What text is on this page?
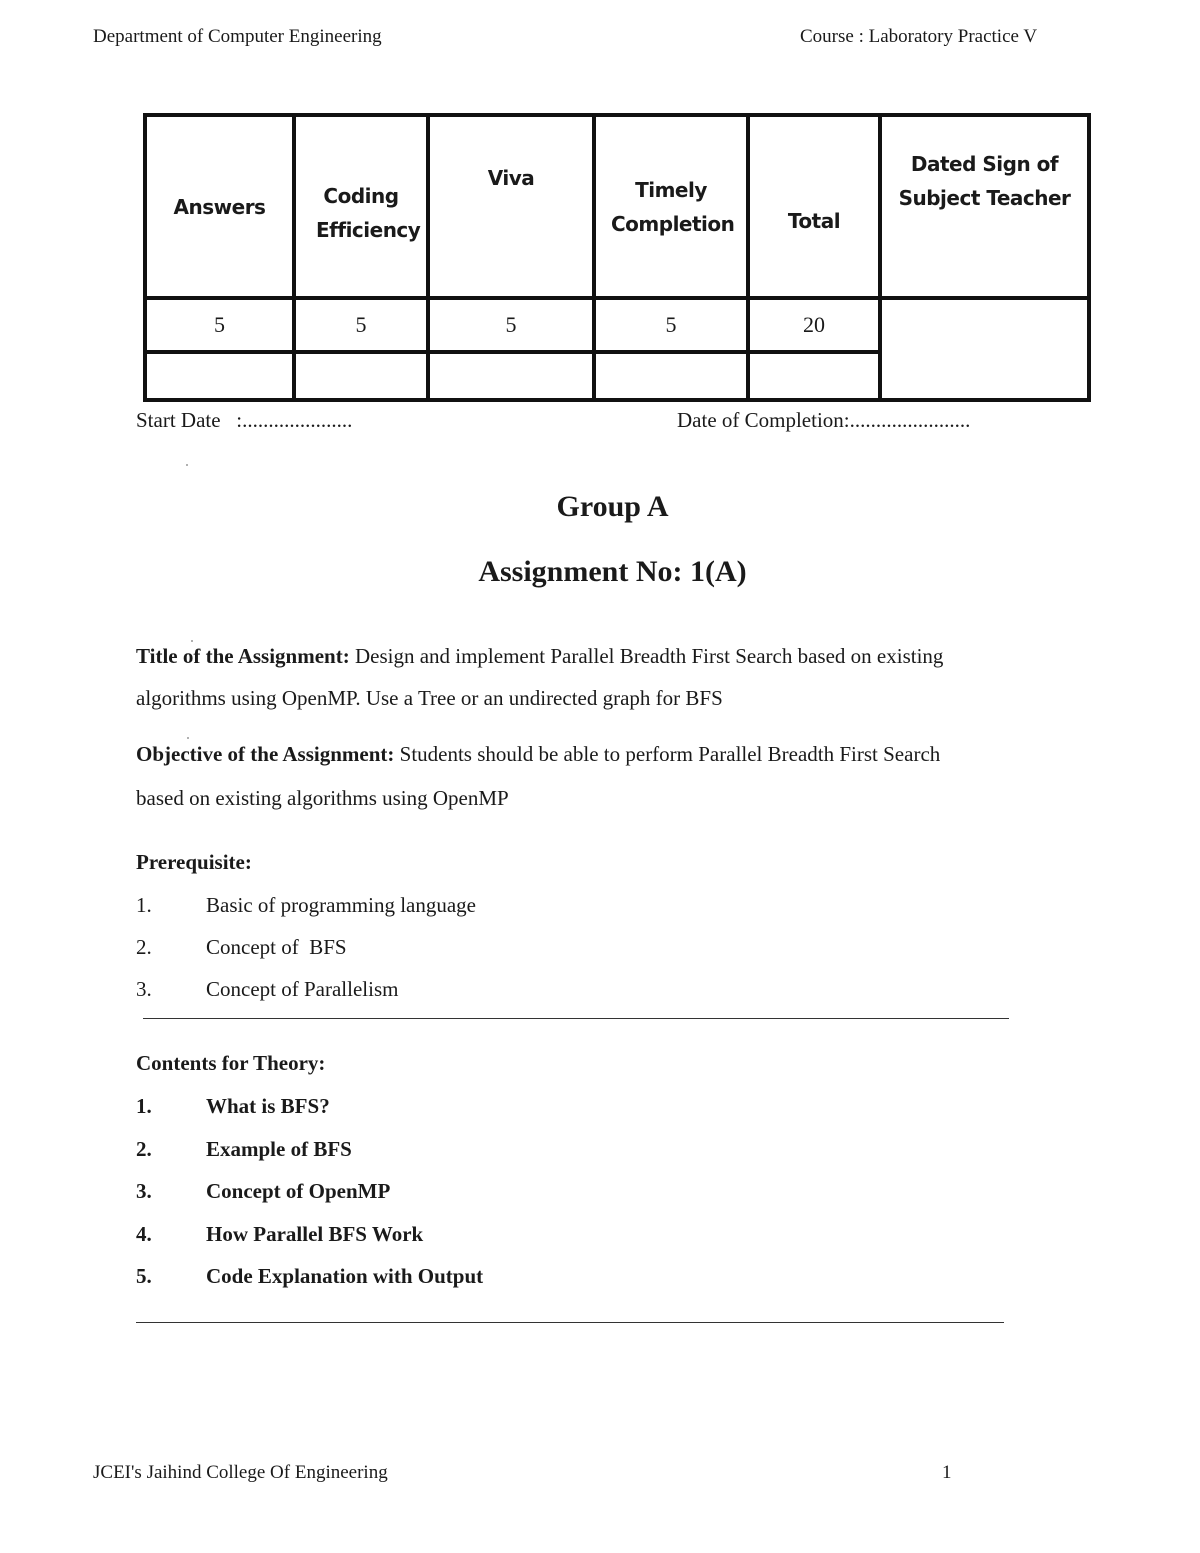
Department of Computer Engineering	Course : Laboratory Practice V
Answers	Coding Efficiency	Viva	Timely Completion	Total	Dated Sign of Subject Teacher
5	5	5	5	20	

Start Date   :.....................	Date of Completion:.......................
Group A
Assignment No: 1(A)
Title of the Assignment: Design and implement Parallel Breadth First Search based on existing
algorithms using OpenMP. Use a Tree or an undirected graph for BFS
Objective of the Assignment: Students should be able to perform Parallel Breadth First Search
based on existing algorithms using OpenMP
Prerequisite:
1.	Basic of programming language
2.	Concept of  BFS
3.	Concept of Parallelism
Contents for Theory:
1.	What is BFS?
2.	Example of BFS
3.	Concept of OpenMP
4.	How Parallel BFS Work
5.	Code Explanation with Output
JCEI's Jaihind College Of Engineering	1
